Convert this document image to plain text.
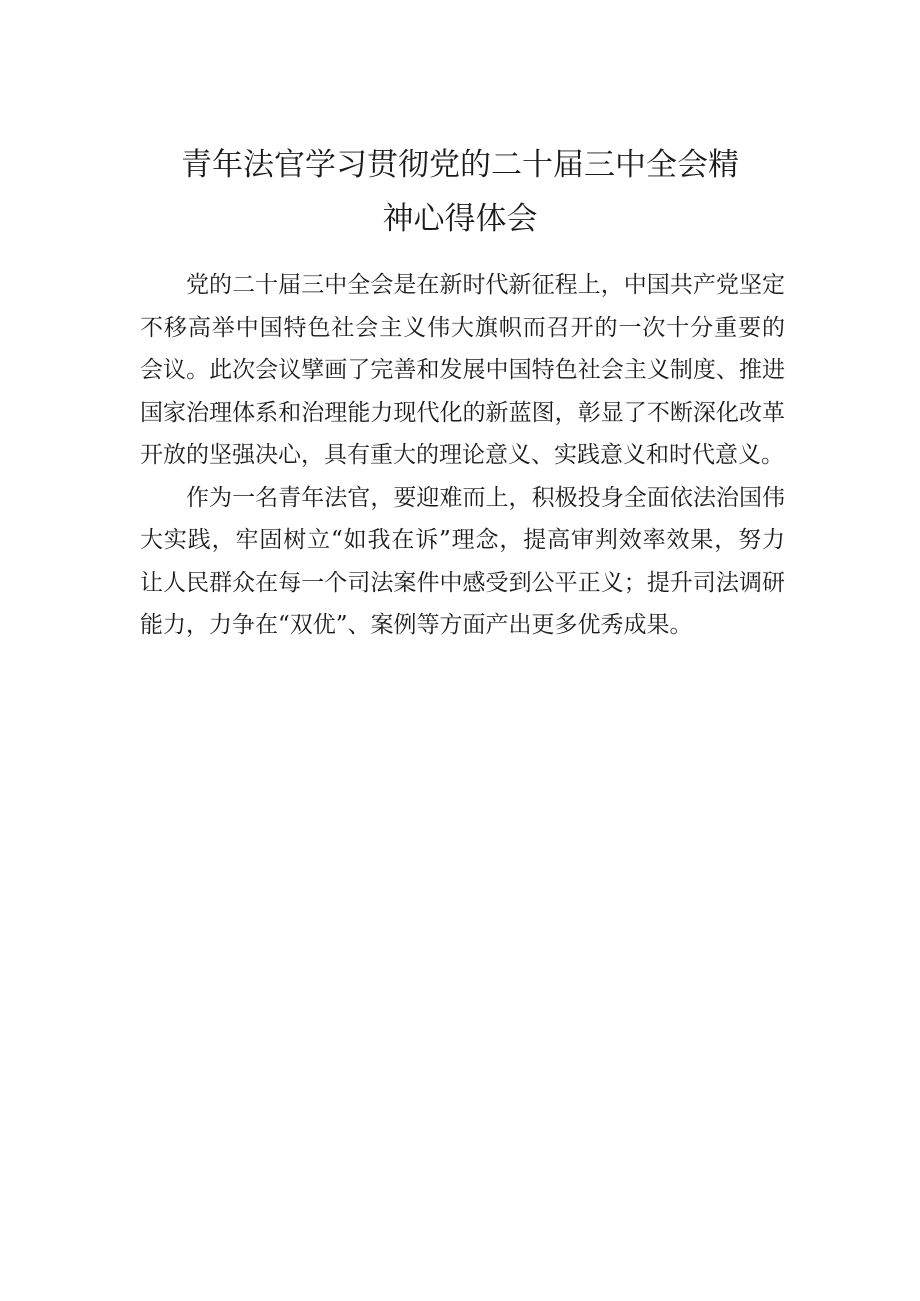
青年法官学习贯彻党的二十届三中全会精
神心得体会
党的二十届三中全会是在新时代新征程上，中国共产党坚定
不移高举中国特色社会主义伟大旗帜而召开的一次十分重要的
会议。此次会议擘画了完善和发展中国特色社会主义制度、推进
国家治理体系和治理能力现代化的新蓝图，彰显了不断深化改革
开放的坚强决心，具有重大的理论意义、实践意义和时代意义。
作为一名青年法官，要迎难而上，积极投身全面依法治国伟
大实践，牢固树立“如我在诉”理念，提高审判效率效果，努力
让人民群众在每一个司法案件中感受到公平正义；提升司法调研
能力，力争在“双优”、案例等方面产出更多优秀成果。
